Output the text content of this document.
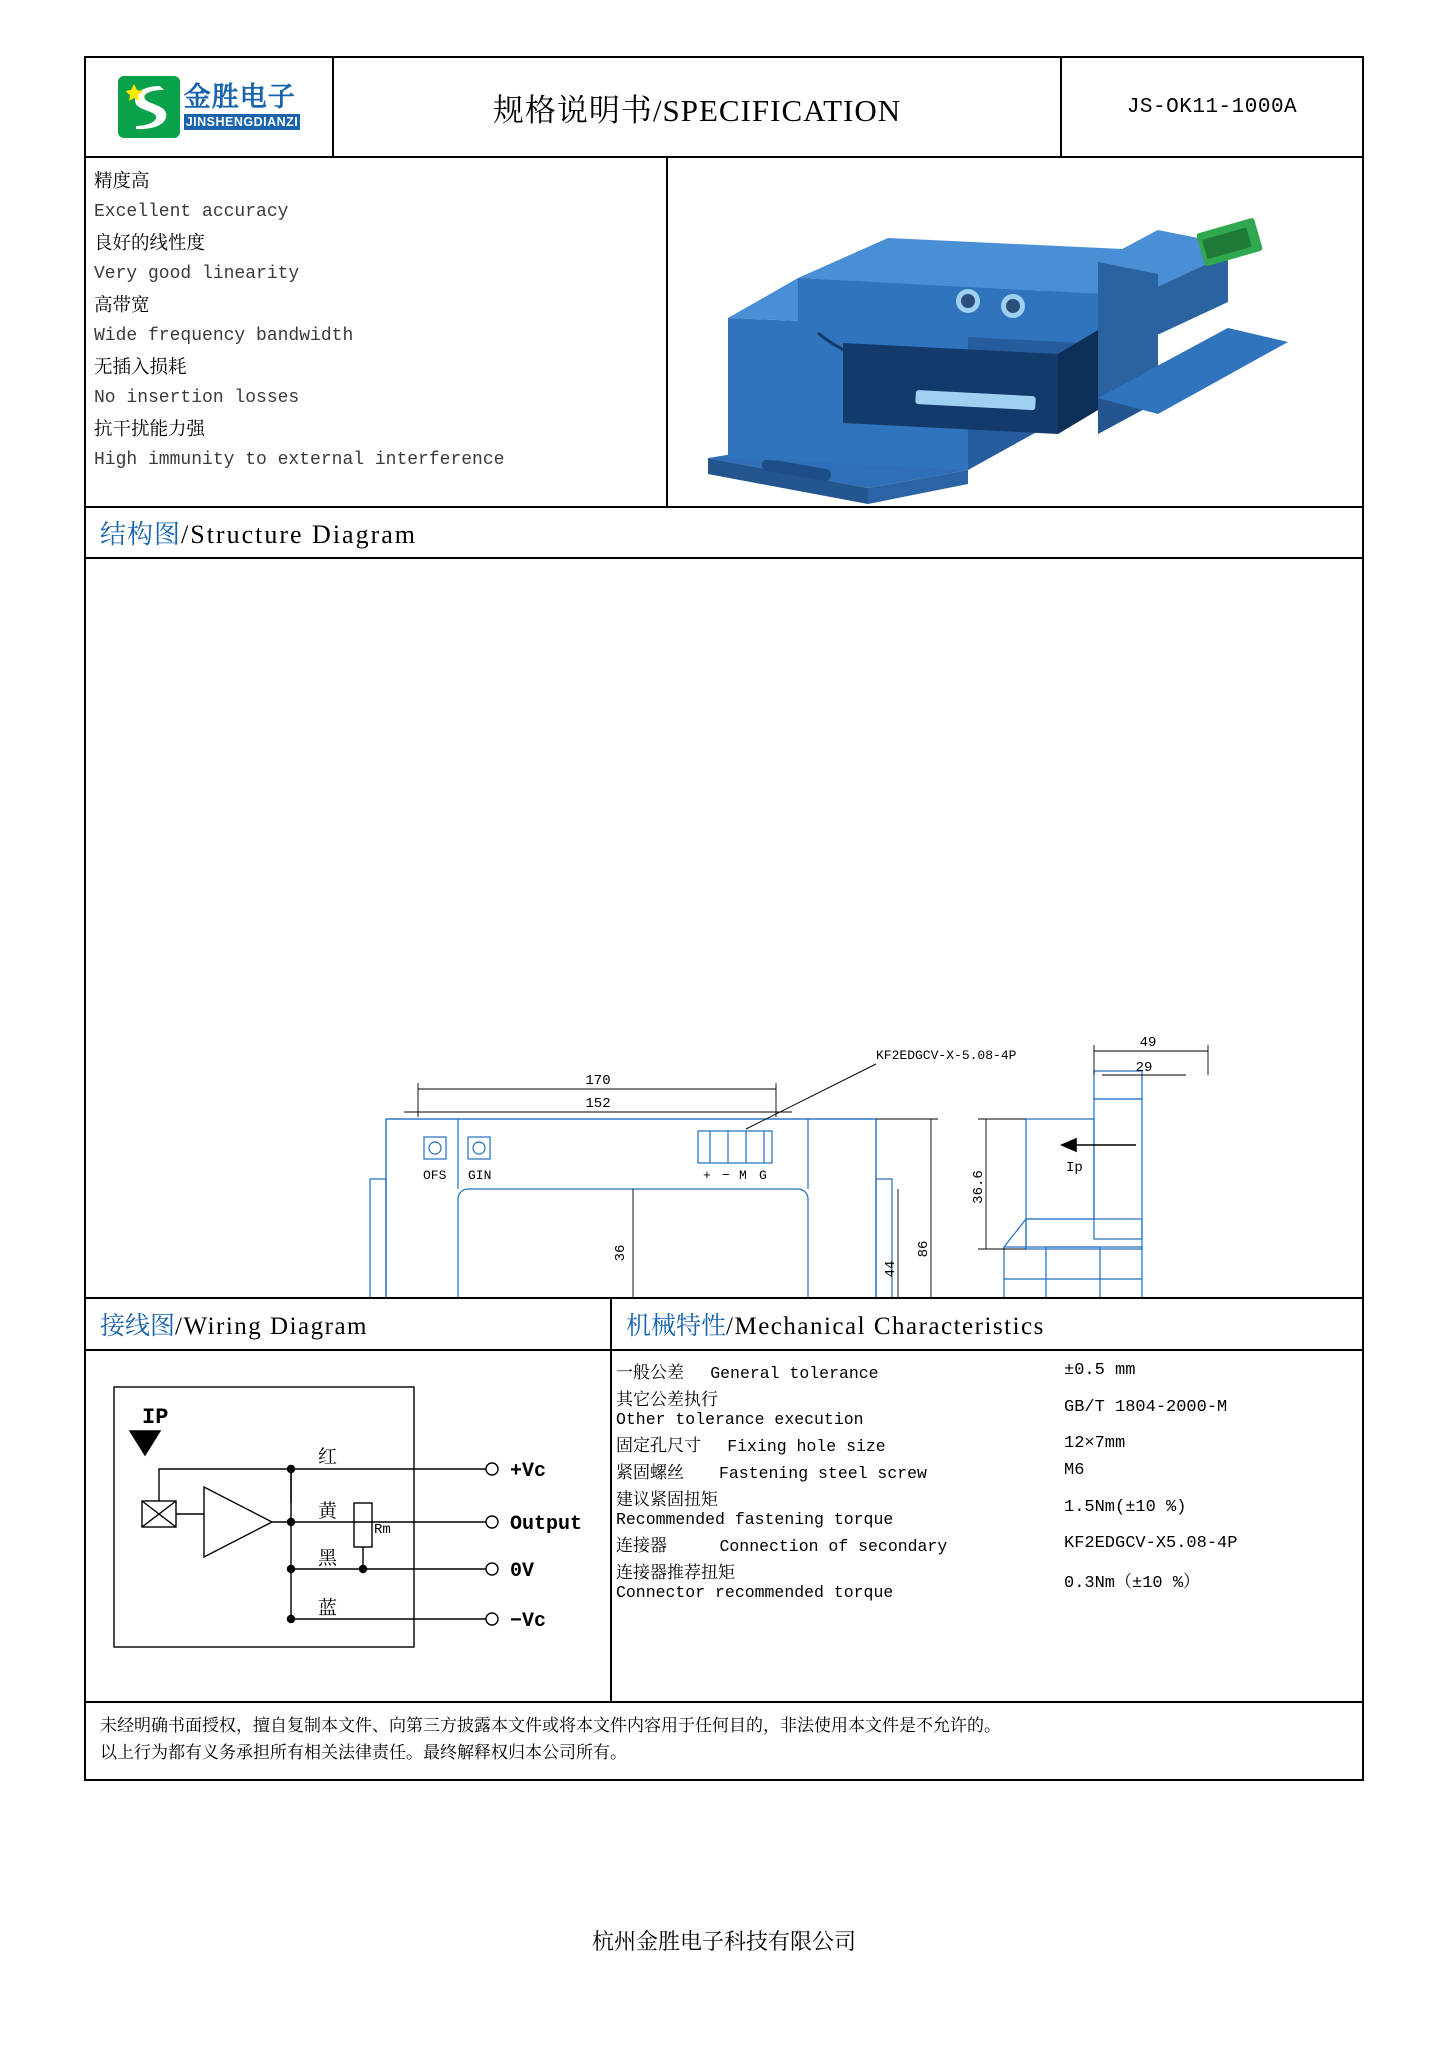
金胜电子
JINSHENGDIANZI	规格说明书/SPECIFICATION	JS-OK11-1000A
精度高
Excellent accuracy
良好的线性度
Very good linearity
高带宽
Wide frequency bandwidth
无插入损耗
No insertion losses
抗干扰能力强
High immunity to external interference
结构图/Structure Diagram
OFS GIN	+ − M G
KF2EDGCV-X-5.08-4P
170
152
36	86
44
49
29
36.6
Ip
接线图/Wiring Diagram
IP
红
黄
黑
蓝
+Vc
Output
0V
−Vc
Rm
机械特性/Mechanical Characteristics
一般公差 General tolerance	±0.5 mm

其它公差执行
Other tolerance execution	GB/T 1804-2000-M
固定孔尺寸 Fixing hole size	12×7mm
紧固螺丝 Fastening steel screw	M6

建议紧固扭矩
Recommended fastening torque	1.5Nm(±10 %)
连接器 Connection of secondary	KF2EDGCV-X5.08-4P

连接器推荐扭矩
Connector recommended torque	0.3Nm（±10 %）
未经明确书面授权，擅自复制本文件、向第三方披露本文件或将本文件内容用于任何目的，非法使用本文件是不允许的。
以上行为都有义务承担所有相关法律责任。最终解释权归本公司所有。
杭州金胜电子科技有限公司
